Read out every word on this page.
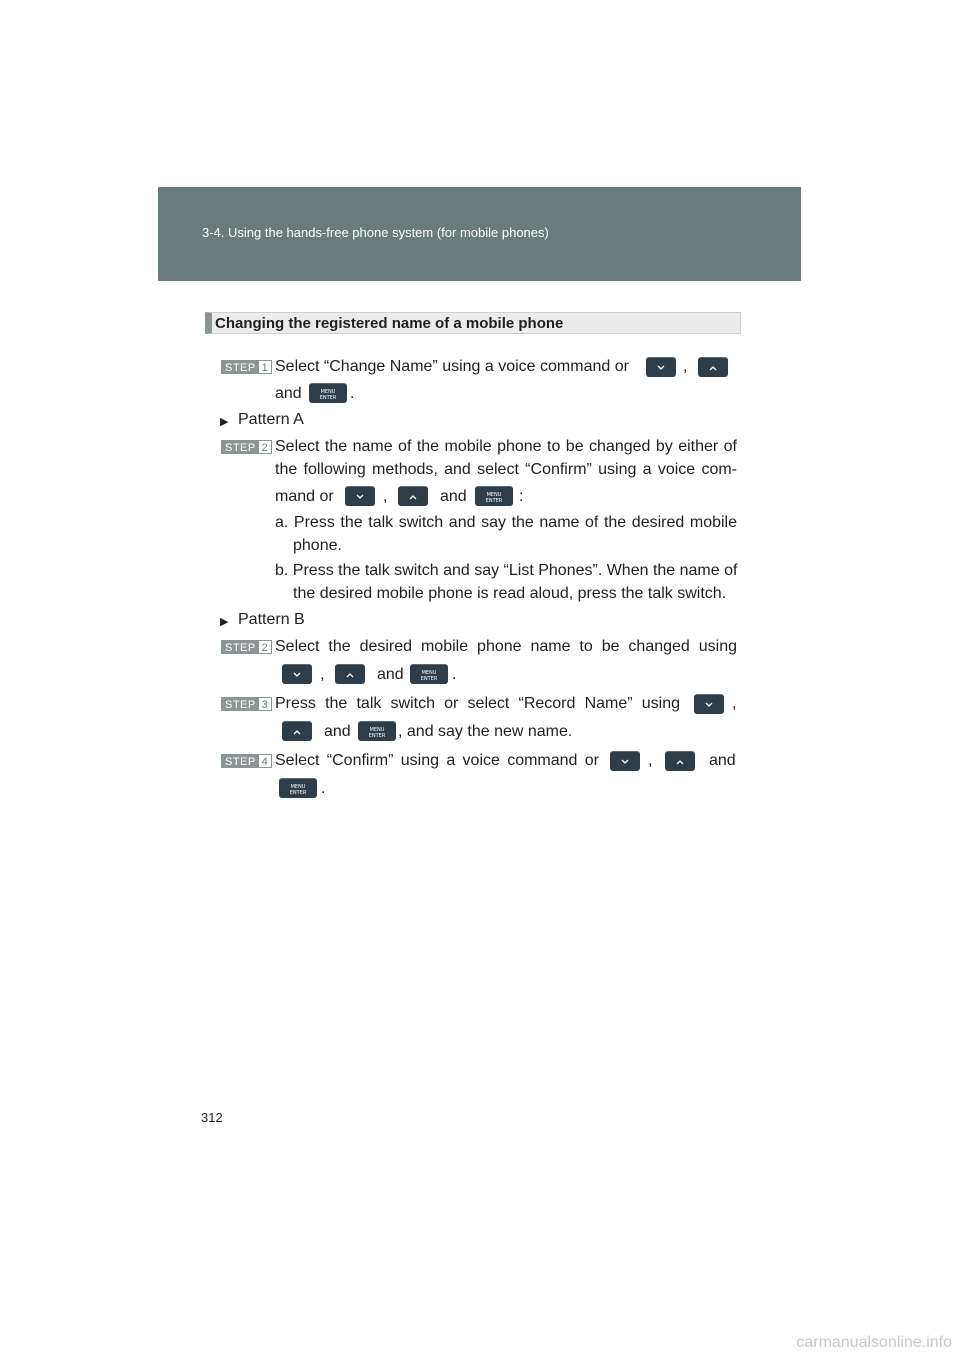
3-4. Using the hands-free phone system (for mobile phones)
Changing the registered name of a mobile phone
STEP 1 Select “Change Name” using a voice command or	,
and	MENU
ENTER .
▶ Pattern A
STEP 2 Select the name of the mobile phone to be changed by either of
the following methods, and select “Confirm” using a voice com-
mand or	,	and	MENU
ENTER :
a. Press the talk switch and say the name of the desired mobile
phone.
b. Press the talk switch and say “List Phones”. When the name of
the desired mobile phone is read aloud, press the talk switch.
▶ Pattern B
STEP 2 Select the desired mobile phone name to be changed using
,	and	MENU
ENTER .
STEP 3 Press the talk switch or select “Record Name” using	,
and	MENU
ENTER , and say the new name.
STEP 4 Select “Confirm” using a voice command or	,	and
MENU
ENTER .
312
carmanualsonline.info
